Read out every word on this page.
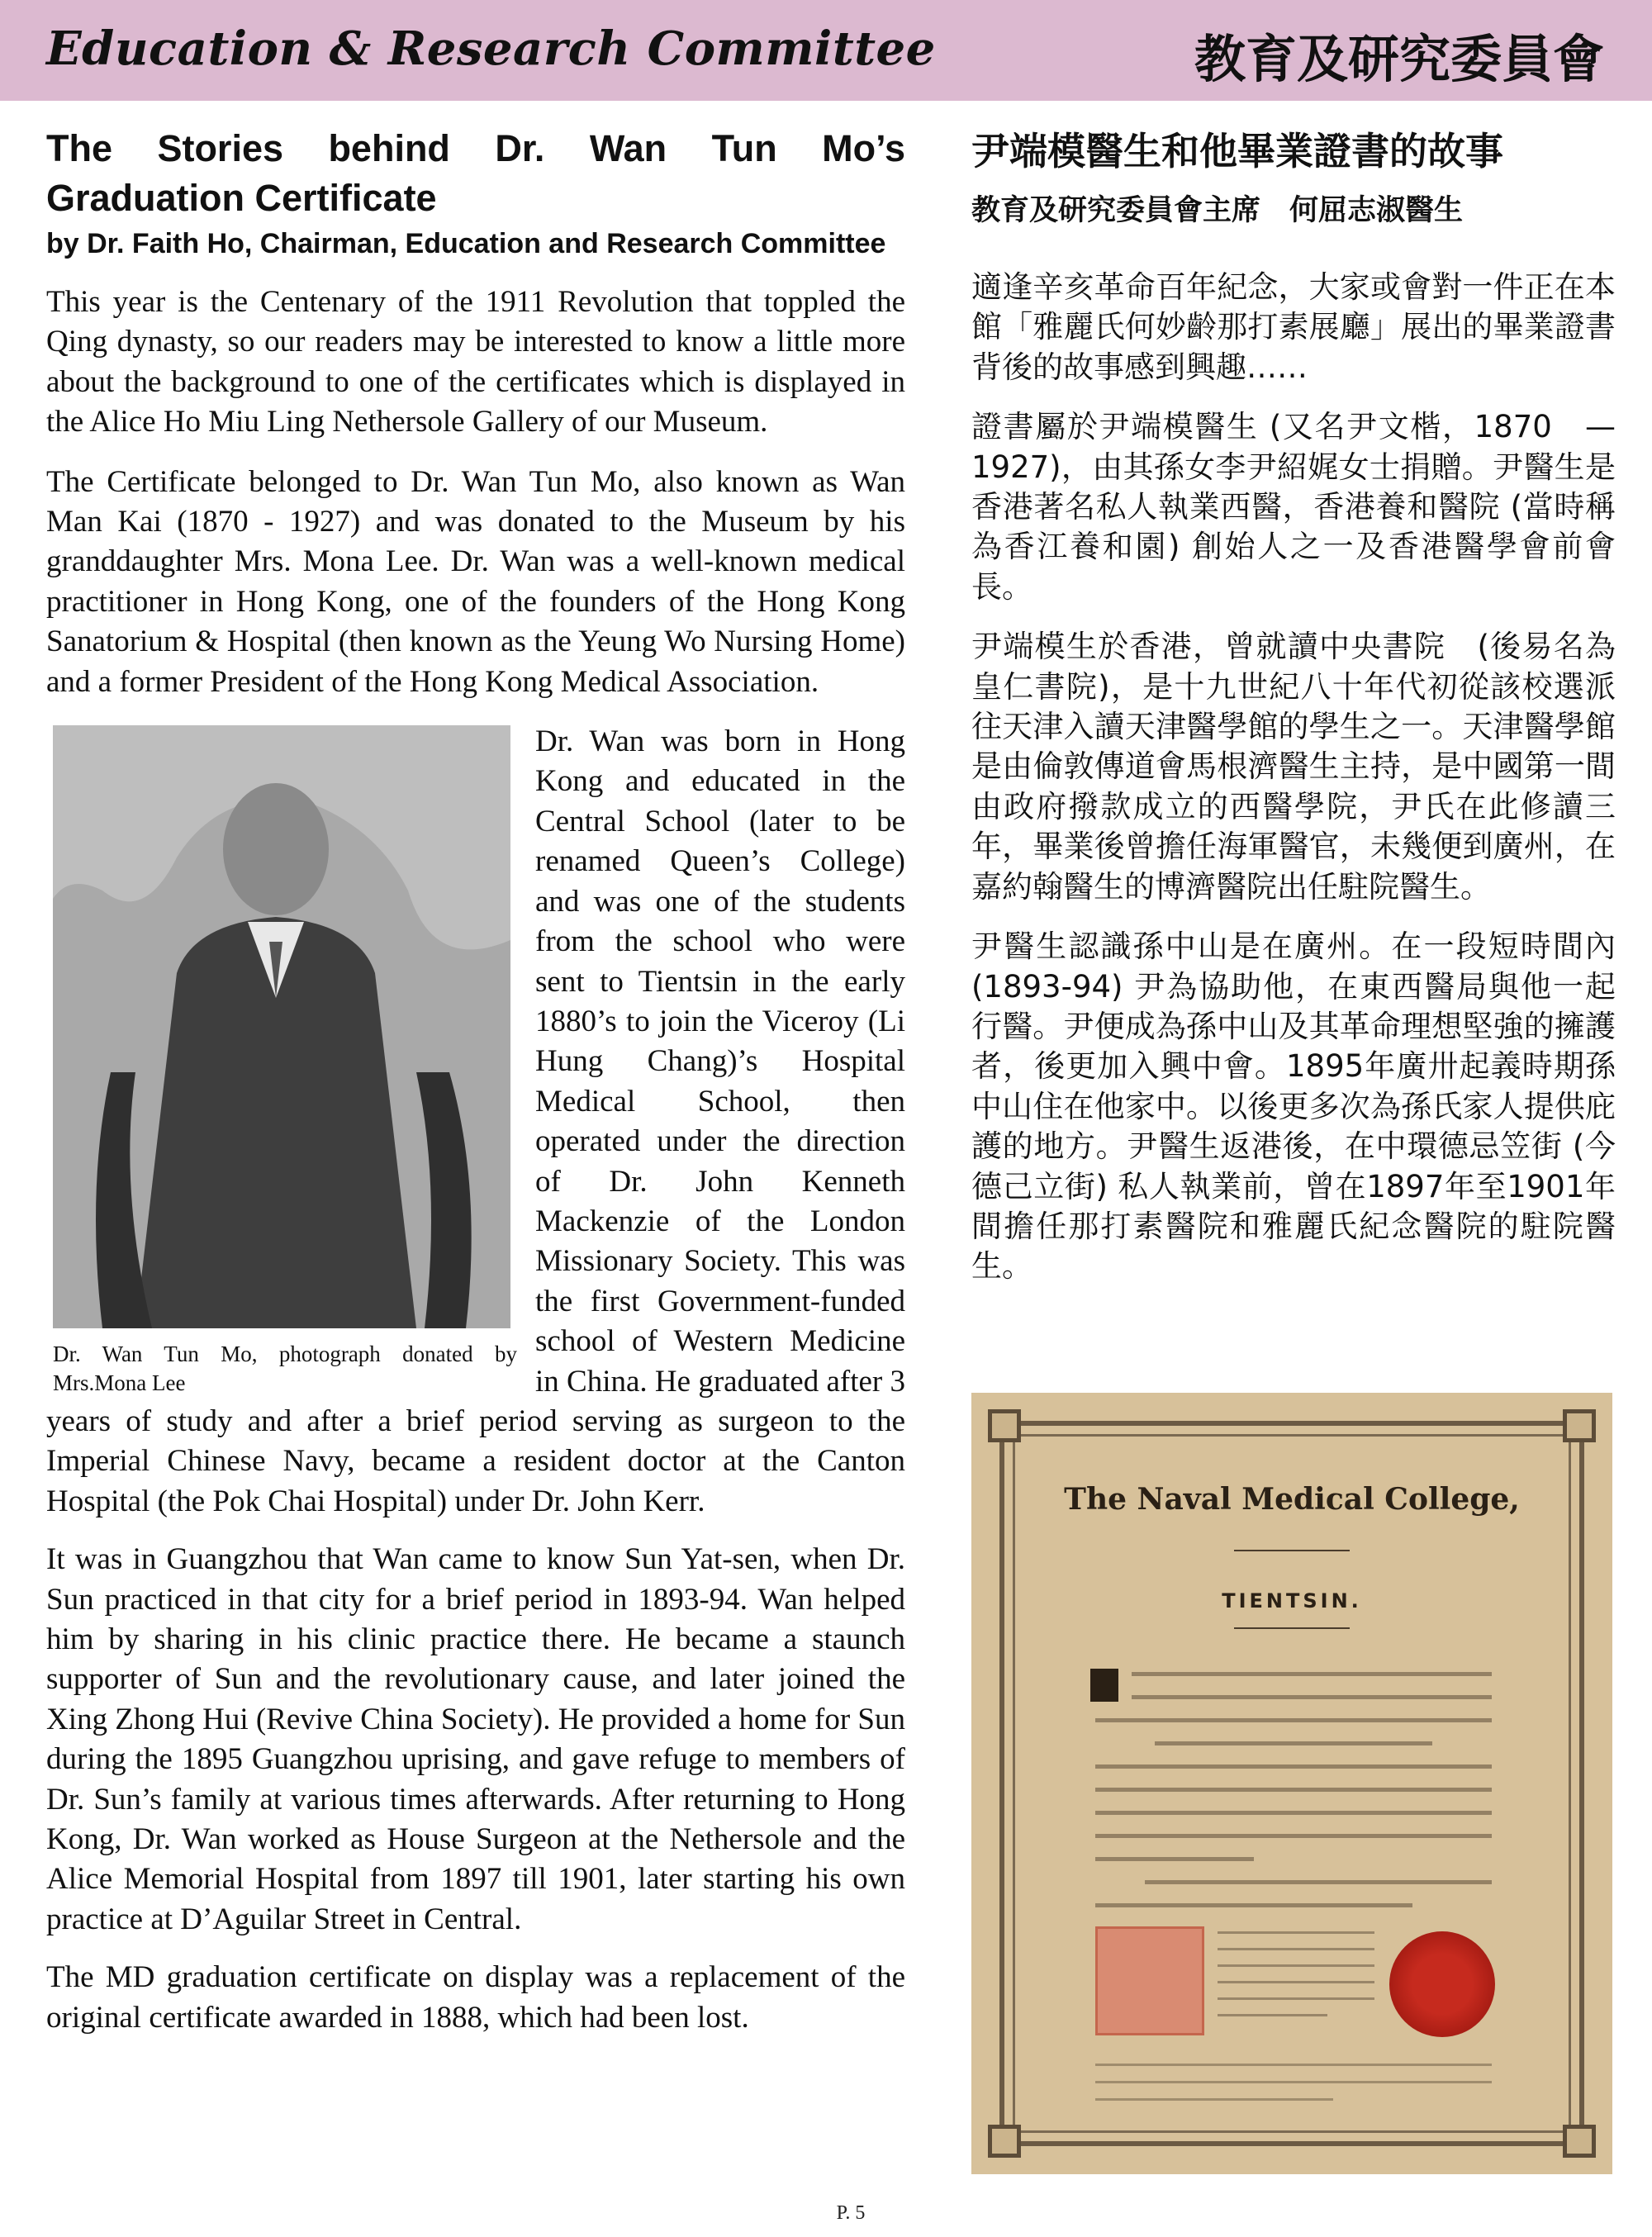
Education & Research Committee	教育及研究委員會
The Stories behind Dr. Wan Tun Mo’s Graduation Certificate
by Dr. Faith Ho, Chairman, Education and Research Committee

This year is the Centenary of the 1911 Revolution that toppled the Qing dynasty, so our readers may be interested to know a little more about the background to one of the certificates which is displayed in the Alice Ho Miu Ling Nethersole Gallery of our Museum.

The Certificate belonged to Dr. Wan Tun Mo, also known as Wan Man Kai (1870 - 1927) and was donated to the Museum by his granddaughter Mrs. Mona Lee. Dr. Wan was a well-known medical practitioner in Hong Kong, one of the founders of the Hong Kong Sanatorium & Hospital (then known as the Yeung Wo Nursing Home) and a former President of the Hong Kong Medical Association.

Dr. Wan Tun Mo, photograph donated by Mrs.Mona Lee
Dr. Wan was born in Hong Kong and educated in the Central School (later to be renamed Queen’s College) and was one of the students from the school who were sent to Tientsin in the early 1880’s to join the Viceroy (Li Hung Chang)’s Hospital Medical School, then operated under the direction of Dr. John Kenneth Mackenzie of the London Missionary Society. This was the first Government-funded school of Western Medicine in China. He graduated after 3 years of study and after a brief period serving as surgeon to the Imperial Chinese Navy, became a resident doctor at the Canton Hospital (the Pok Chai Hospital) under Dr. John Kerr.

It was in Guangzhou that Wan came to know Sun Yat-sen, when Dr. Sun practiced in that city for a brief period in 1893-94. Wan helped him by sharing in his clinic practice there. He became a staunch supporter of Sun and the revolutionary cause, and later joined the Xing Zhong Hui (Revive China Society). He provided a home for Sun during the 1895 Guangzhou uprising, and gave refuge to members of Dr. Sun’s family at various times afterwards. After returning to Hong Kong, Dr. Wan worked as House Surgeon at the Nethersole and the Alice Memorial Hospital from 1897 till 1901, later starting his own practice at D’Aguilar Street in Central.

The MD graduation certificate on display was a replacement of the original certificate awarded in 1888, which had been lost.

尹端模醫生和他畢業證書的故事
教育及研究委員會主席　何屈志淑醫生

適逢辛亥革命百年紀念，大家或會對一件正在本館「雅麗氏何妙齡那打素展廳」展出的畢業證書背後的故事感到興趣……

證書屬於尹端模醫生 (又名尹文楷，1870　—1927)，由其孫女李尹紹娓女士捐贈。尹醫生是香港著名私人執業西醫，香港養和醫院 (當時稱為香江養和園) 創始人之一及香港醫學會前會長。

尹端模生於香港，曾就讀中央書院　(後易名為皇仁書院)，是十九世紀八十年代初從該校選派往天津入讀天津醫學館的學生之一。天津醫學館是由倫敦傳道會馬根濟醫生主持，是中國第一間由政府撥款成立的西醫學院，尹氏在此修讀三年，畢業後曾擔任海軍醫官，未幾便到廣州，在嘉約翰醫生的博濟醫院出任駐院醫生。

尹醫生認識孫中山是在廣州。在一段短時間內 (1893-94) 尹為協助他，在東西醫局與他一起行醫。尹便成為孫中山及其革命理想堅強的擁護者，後更加入興中會。1895年廣卅起義時期孫中山住在他家中。以後更多次為孫氏家人提供庇護的地方。尹醫生返港後，在中環德忌笠街 (今德己立街) 私人執業前，曾在1897年至1901年間擔任那打素醫院和雅麗氏紀念醫院的駐院醫生。

The Naval Medical College,
TIENTSIN.
P. 5
